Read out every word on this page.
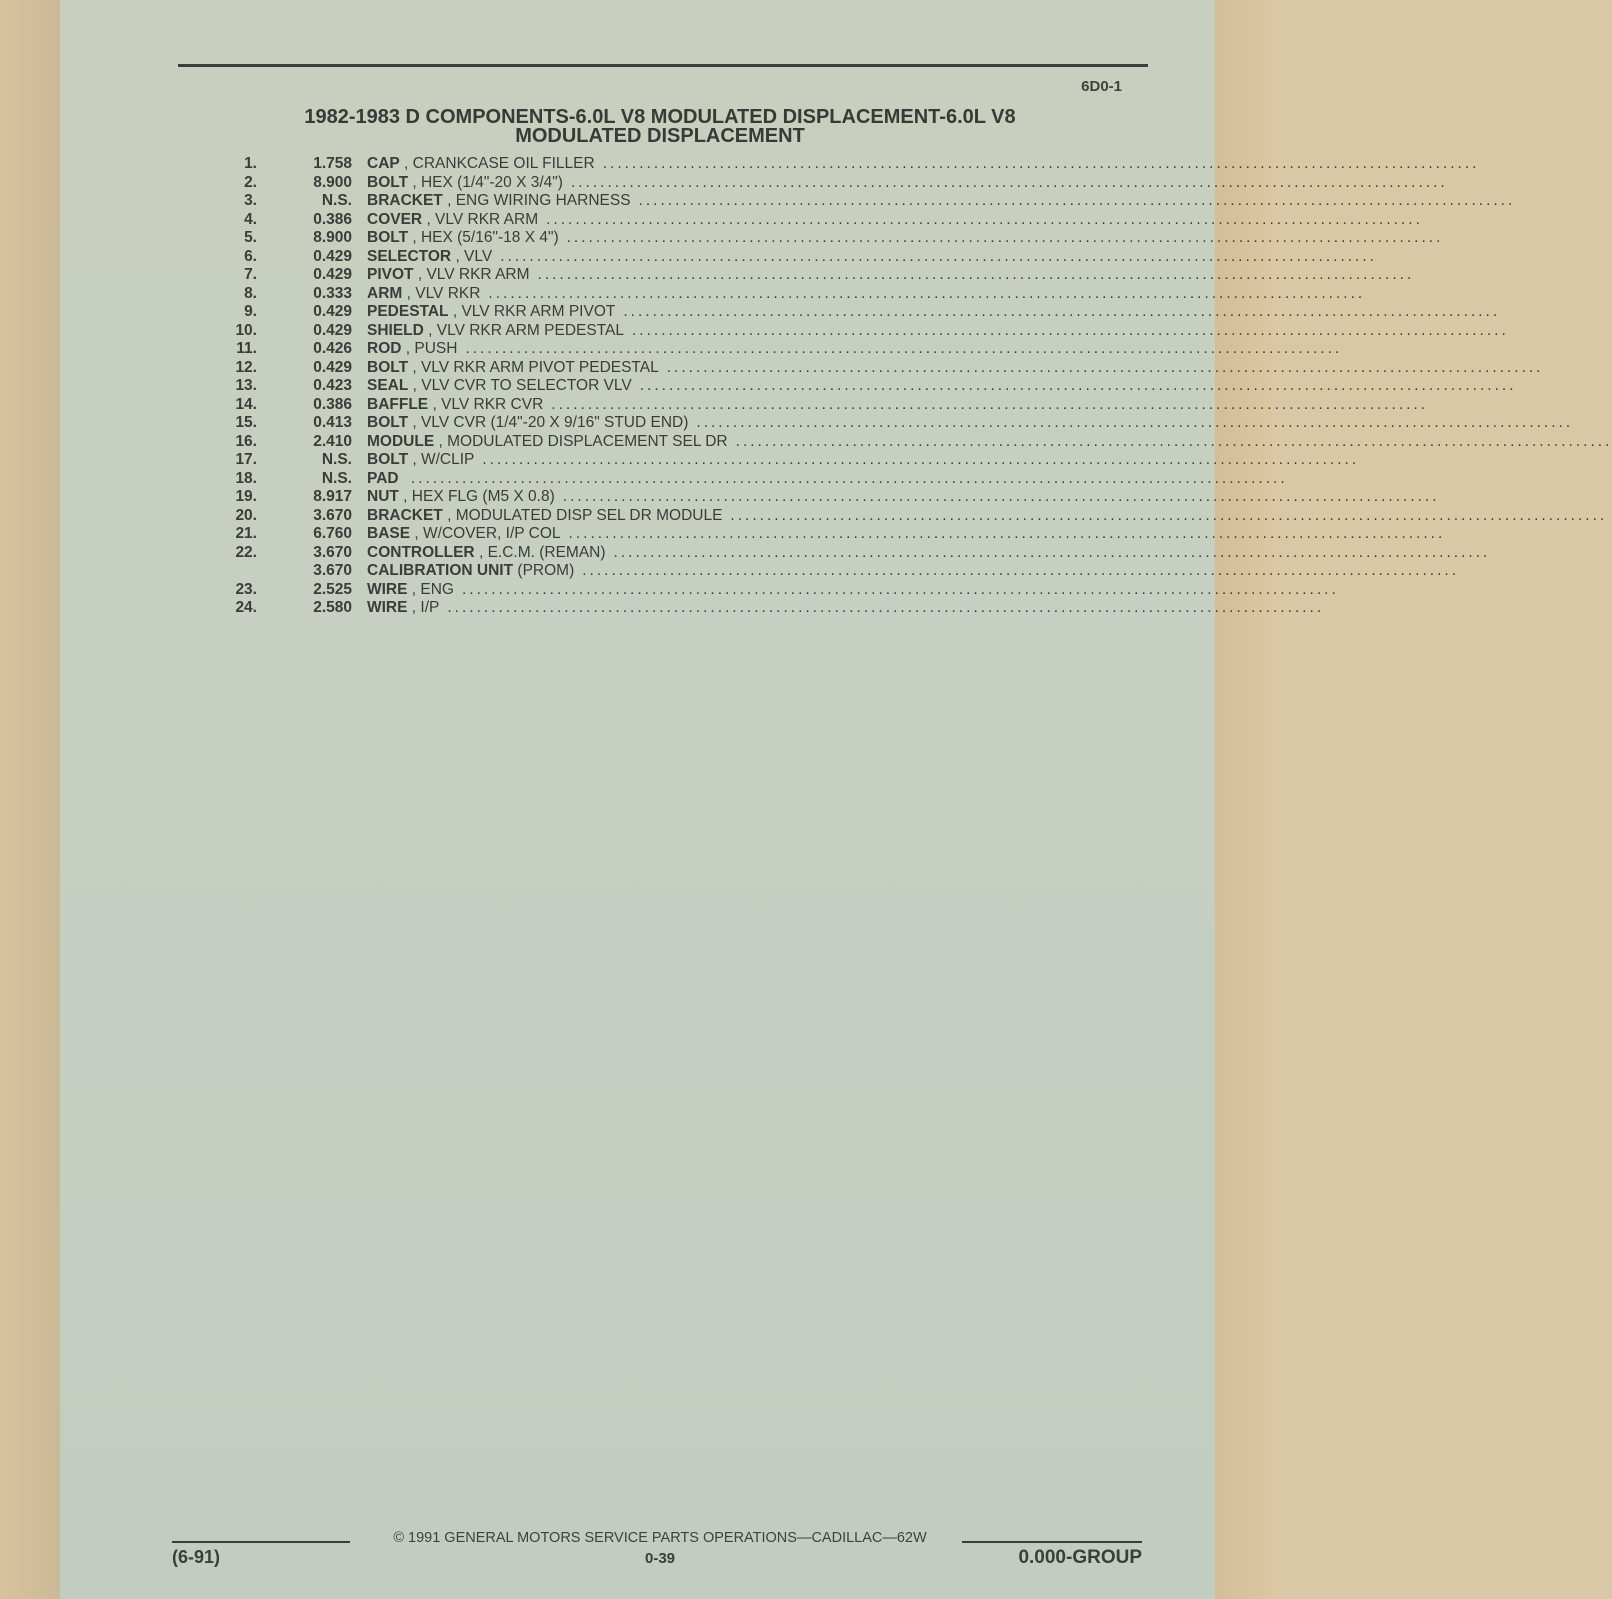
6D0-1
1982-1983 D COMPONENTS-6.0L V8 MODULATED DISPLACEMENT-6.0L V8
MODULATED DISPLACEMENT
1.	1.758 CAP , CRANKCASE OIL FILLER ........................................................................................................................
2.	8.900 BOLT , HEX (1/4"-20 X 3/4") ........................................................................................................................
3.	N.S. BRACKET , ENG WIRING HARNESS ........................................................................................................................
4.	0.386 COVER , VLV RKR ARM ........................................................................................................................
5.	8.900 BOLT , HEX (5/16"-18 X 4") ........................................................................................................................
6.	0.429 SELECTOR , VLV ........................................................................................................................
7.	0.429 PIVOT , VLV RKR ARM ........................................................................................................................
8.	0.333 ARM , VLV RKR ........................................................................................................................
9.	0.429 PEDESTAL , VLV RKR ARM PIVOT ........................................................................................................................
10.	0.429 SHIELD , VLV RKR ARM PEDESTAL ........................................................................................................................
11.	0.426 ROD , PUSH ........................................................................................................................
12.	0.429 BOLT , VLV RKR ARM PIVOT PEDESTAL ........................................................................................................................
13.	0.423 SEAL , VLV CVR TO SELECTOR VLV ........................................................................................................................
14.	0.386 BAFFLE , VLV RKR CVR ........................................................................................................................
15.	0.413 BOLT , VLV CVR (1/4"-20 X 9/16" STUD END) ........................................................................................................................
16.	2.410 MODULE , MODULATED DISPLACEMENT SEL DR ........................................................................................................................
17.	N.S. BOLT , W/CLIP ........................................................................................................................
18.	N.S. PAD ........................................................................................................................
19.	8.917 NUT , HEX FLG (M5 X 0.8) ........................................................................................................................
20.	3.670 BRACKET , MODULATED DISP SEL DR MODULE ........................................................................................................................
21.	6.760 BASE , W/COVER, I/P COL ........................................................................................................................
22.	3.670 CONTROLLER , E.C.M. (REMAN) ........................................................................................................................
3.670 CALIBRATION UNIT (PROM) ........................................................................................................................
23.	2.525 WIRE , ENG ........................................................................................................................
24.	2.580 WIRE , I/P ........................................................................................................................
© 1991 GENERAL MOTORS SERVICE PARTS OPERATIONS—CADILLAC—62W
(6-91)	0-39	0.000-GROUP
